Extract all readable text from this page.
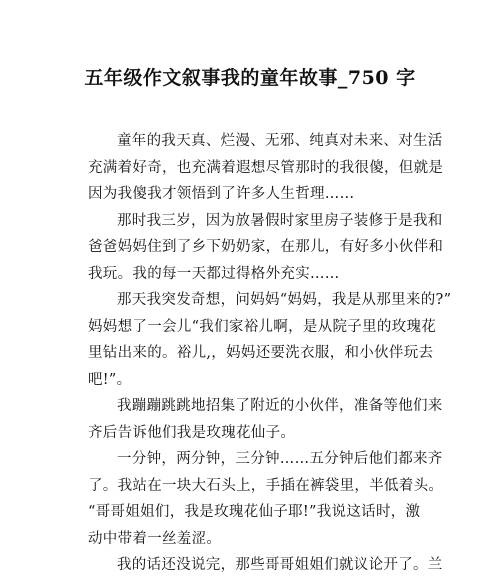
五年级作文叙事我的童年故事_750 字
童年的我天真、烂漫、无邪、纯真对未来、对生活
充满着好奇，也充满着遐想尽管那时的我很傻，但就是
因为我傻我才领悟到了许多人生哲理……
那时我三岁，因为放暑假时家里房子装修于是我和
爸爸妈妈住到了乡下奶奶家，在那儿，有好多小伙伴和
我玩。我的每一天都过得格外充实……
那天我突发奇想，问妈妈“妈妈，我是从那里来的?”
妈妈想了一会儿“我们家裕儿啊，是从院子里的玫瑰花
里钻出来的。裕儿,，妈妈还要洗衣服，和小伙伴玩去
吧!”。
我蹦蹦跳跳地招集了附近的小伙伴，准备等他们来
齐后告诉他们我是玫瑰花仙子。
一分钟，两分钟，三分钟……五分钟后他们都来齐
了。我站在一块大石头上，手插在裤袋里，半低着头。
“哥哥姐姐们，我是玫瑰花仙子耶!”我说这话时，激
动中带着一丝羞涩。
我的话还没说完，那些哥哥姐姐们就议论开了。兰
